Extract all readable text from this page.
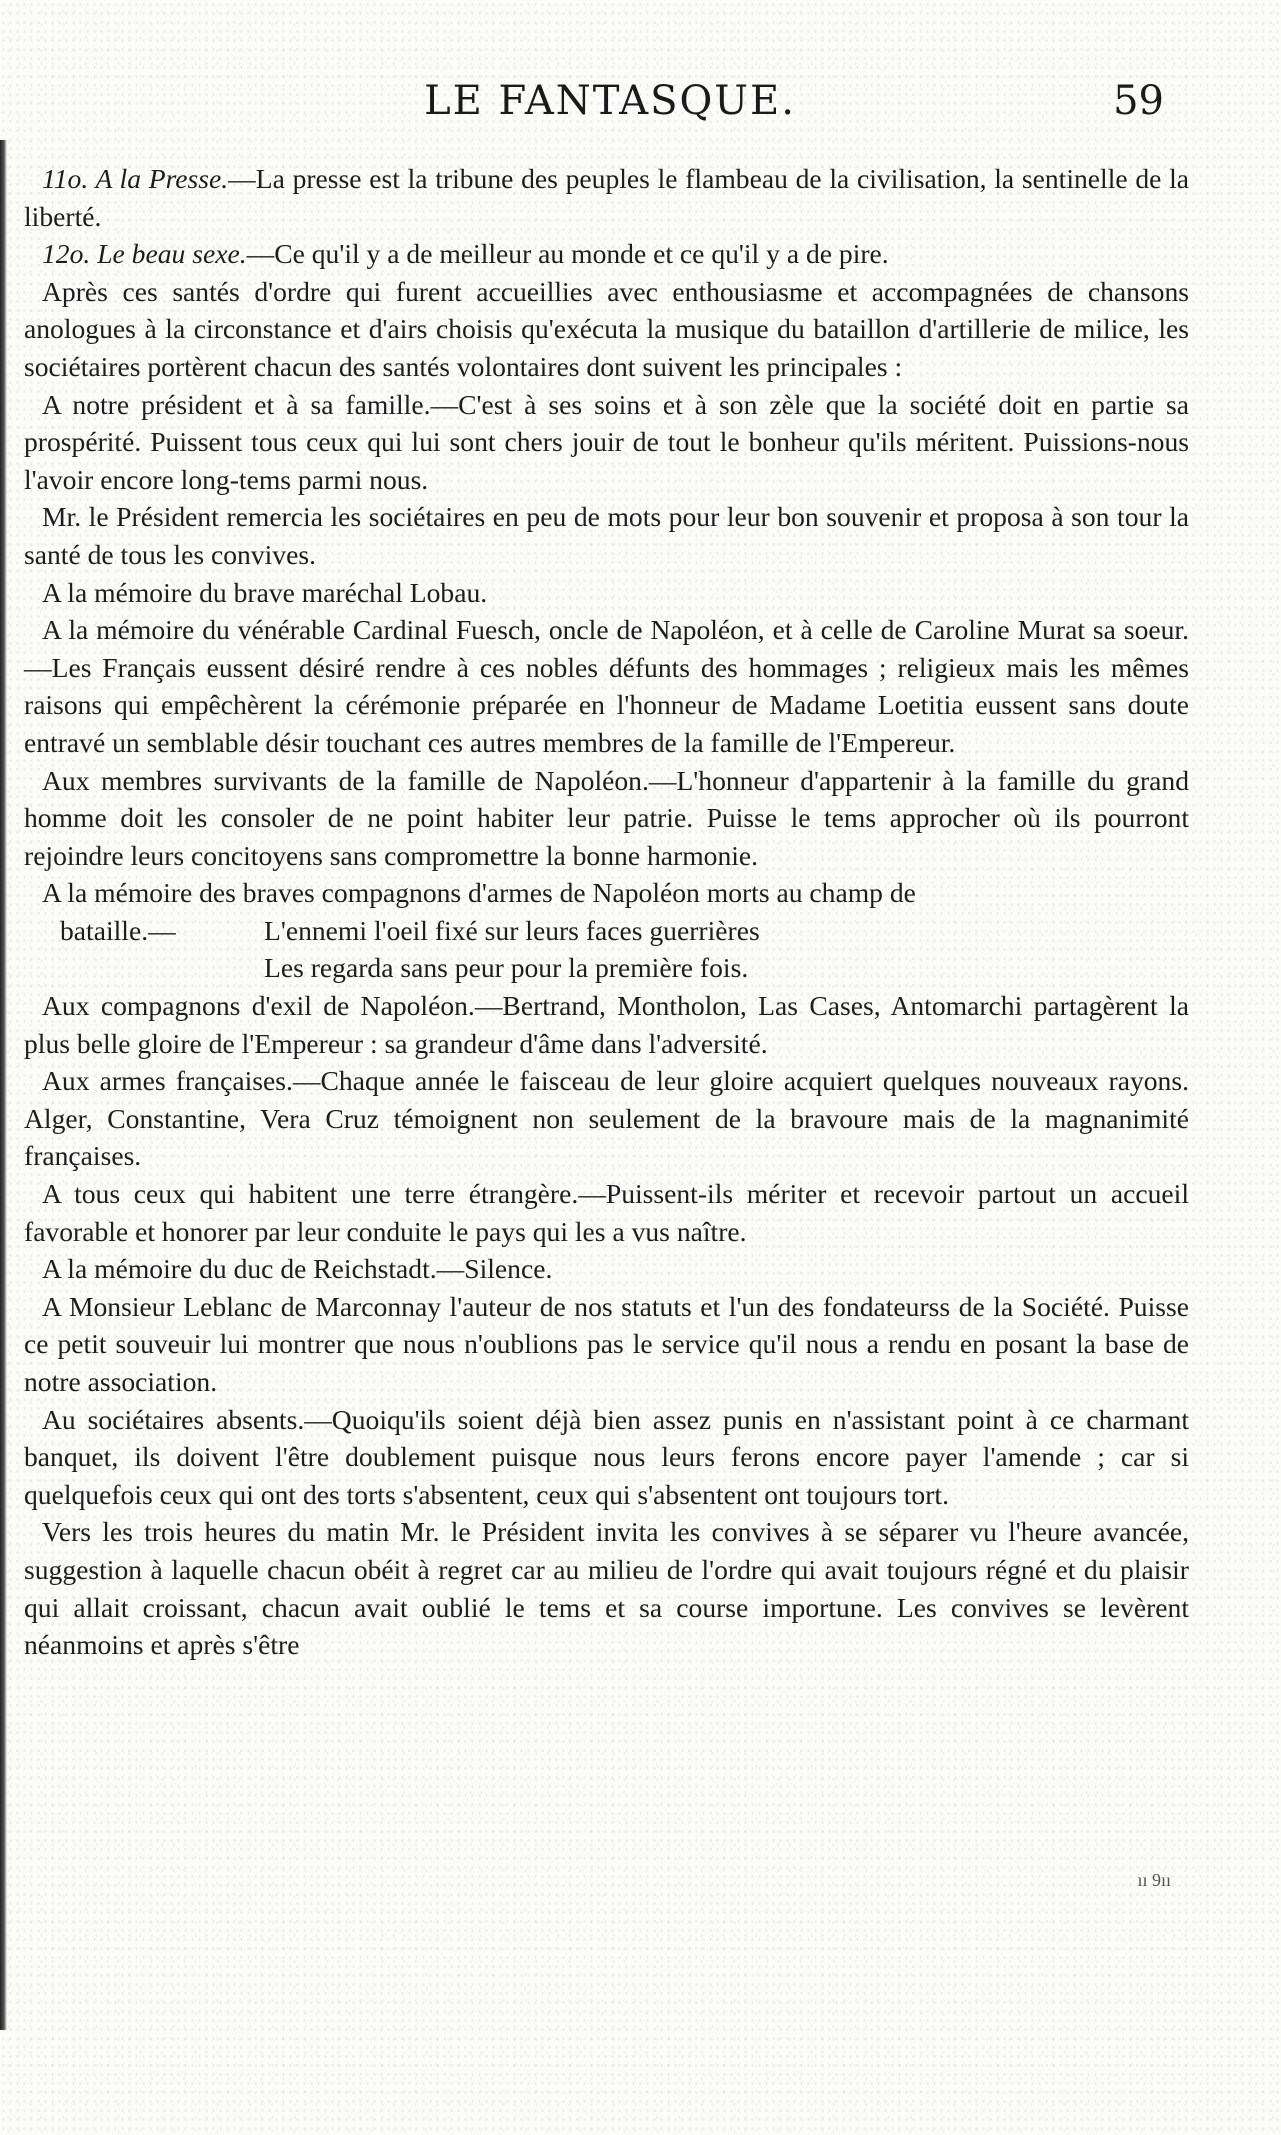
LE FANTASQUE.	59

11o. A la Presse.—La presse est la tribune des peuples le flambeau de la civilisation, la sentinelle de la liberté.

12o. Le beau sexe.—Ce qu'il y a de meilleur au monde et ce qu'il y a de pire.

Après ces santés d'ordre qui furent accueillies avec enthousiasme et accompagnées de chansons anologues à la circonstance et d'airs choisis qu'exécuta la musique du bataillon d'artillerie de milice, les sociétaires portèrent chacun des santés volontaires dont suivent les principales :

A notre président et à sa famille.—C'est à ses soins et à son zèle que la société doit en partie sa prospérité. Puissent tous ceux qui lui sont chers jouir de tout le bonheur qu'ils méritent. Puissions-nous l'avoir encore long-tems parmi nous.

Mr. le Président remercia les sociétaires en peu de mots pour leur bon souvenir et proposa à son tour la santé de tous les convives.

A la mémoire du brave maréchal Lobau.

A la mémoire du vénérable Cardinal Fuesch, oncle de Napoléon, et à celle de Caroline Murat sa soeur.—Les Français eussent désiré rendre à ces nobles défunts des hommages ; religieux mais les mêmes raisons qui empêchèrent la cérémonie préparée en l'honneur de Madame Loetitia eussent sans doute entravé un semblable désir touchant ces autres membres de la famille de l'Empereur.

Aux membres survivants de la famille de Napoléon.—L'honneur d'appartenir à la famille du grand homme doit les consoler de ne point habiter leur patrie. Puisse le tems approcher où ils pourront rejoindre leurs concitoyens sans compromettre la bonne harmonie.

A la mémoire des braves compagnons d'armes de Napoléon morts au champ de

bataille.—	L'ennemi l'oeil fixé sur leurs faces guerrières

Les regarda sans peur pour la première fois.

Aux compagnons d'exil de Napoléon.—Bertrand, Montholon, Las Cases, Antomarchi partagèrent la plus belle gloire de l'Empereur : sa grandeur d'âme dans l'adversité.

Aux armes françaises.—Chaque année le faisceau de leur gloire acquiert quelques nouveaux rayons. Alger, Constantine, Vera Cruz témoignent non seulement de la bravoure mais de la magnanimité françaises.

A tous ceux qui habitent une terre étrangère.—Puissent-ils mériter et recevoir partout un accueil favorable et honorer par leur conduite le pays qui les a vus naître.

A la mémoire du duc de Reichstadt.—Silence.

A Monsieur Leblanc de Marconnay l'auteur de nos statuts et l'un des fondateurss de la Société. Puisse ce petit souveuir lui montrer que nous n'oublions pas le service qu'il nous a rendu en posant la base de notre association.

Au sociétaires absents.—Quoiqu'ils soient déjà bien assez punis en n'assistant point à ce charmant banquet, ils doivent l'être doublement puisque nous leurs ferons encore payer l'amende ; car si quelquefois ceux qui ont des torts s'absentent, ceux qui s'absentent ont toujours tort.

Vers les trois heures du matin Mr. le Président invita les convives à se séparer vu l'heure avancée, suggestion à laquelle chacun obéit à regret car au milieu de l'ordre qui avait toujours régné et du plaisir qui allait croissant, chacun avait oublié le tems et sa course importune. Les convives se levèrent néanmoins et après s'être

ıı 9ıı
